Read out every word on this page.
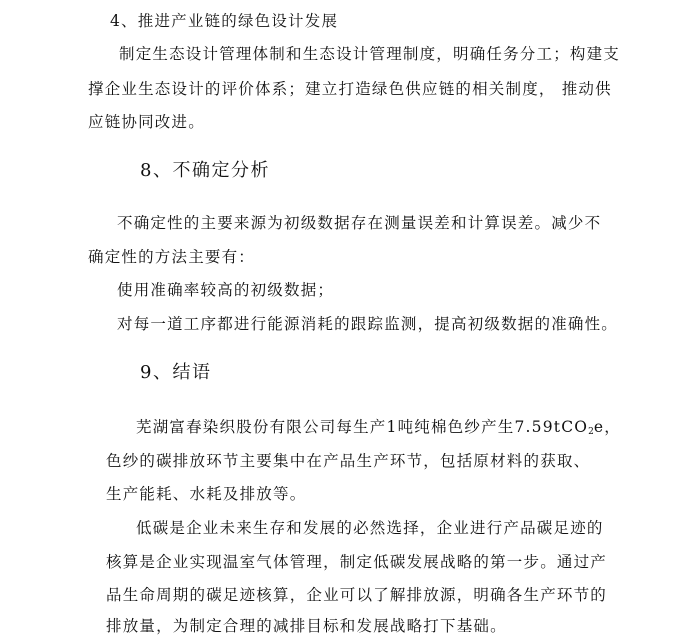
4、推进产业链的绿色设计发展
制定生态设计管理体制和生态设计管理制度，明确任务分工；构建支
撑企业生态设计的评价体系；建立打造绿色供应链的相关制度， 推动供
应链协同改进。
8、不确定分析
不确定性的主要来源为初级数据存在测量误差和计算误差。减少不
确定性的方法主要有：
使用准确率较高的初级数据；
对每一道工序都进行能源消耗的跟踪监测，提高初级数据的准确性。
9、结语
芜湖富春染织股份有限公司每生产1吨纯棉色纱产生7.59tCO$_2$e，
色纱的碳排放环节主要集中在产品生产环节，包括原材料的获取、
生产能耗、水耗及排放等。
低碳是企业未来生存和发展的必然选择，企业进行产品碳足迹的
核算是企业实现温室气体管理，制定低碳发展战略的第一步。通过产
品生命周期的碳足迹核算，企业可以了解排放源，明确各生产环节的
排放量，为制定合理的减排目标和发展战略打下基础。
